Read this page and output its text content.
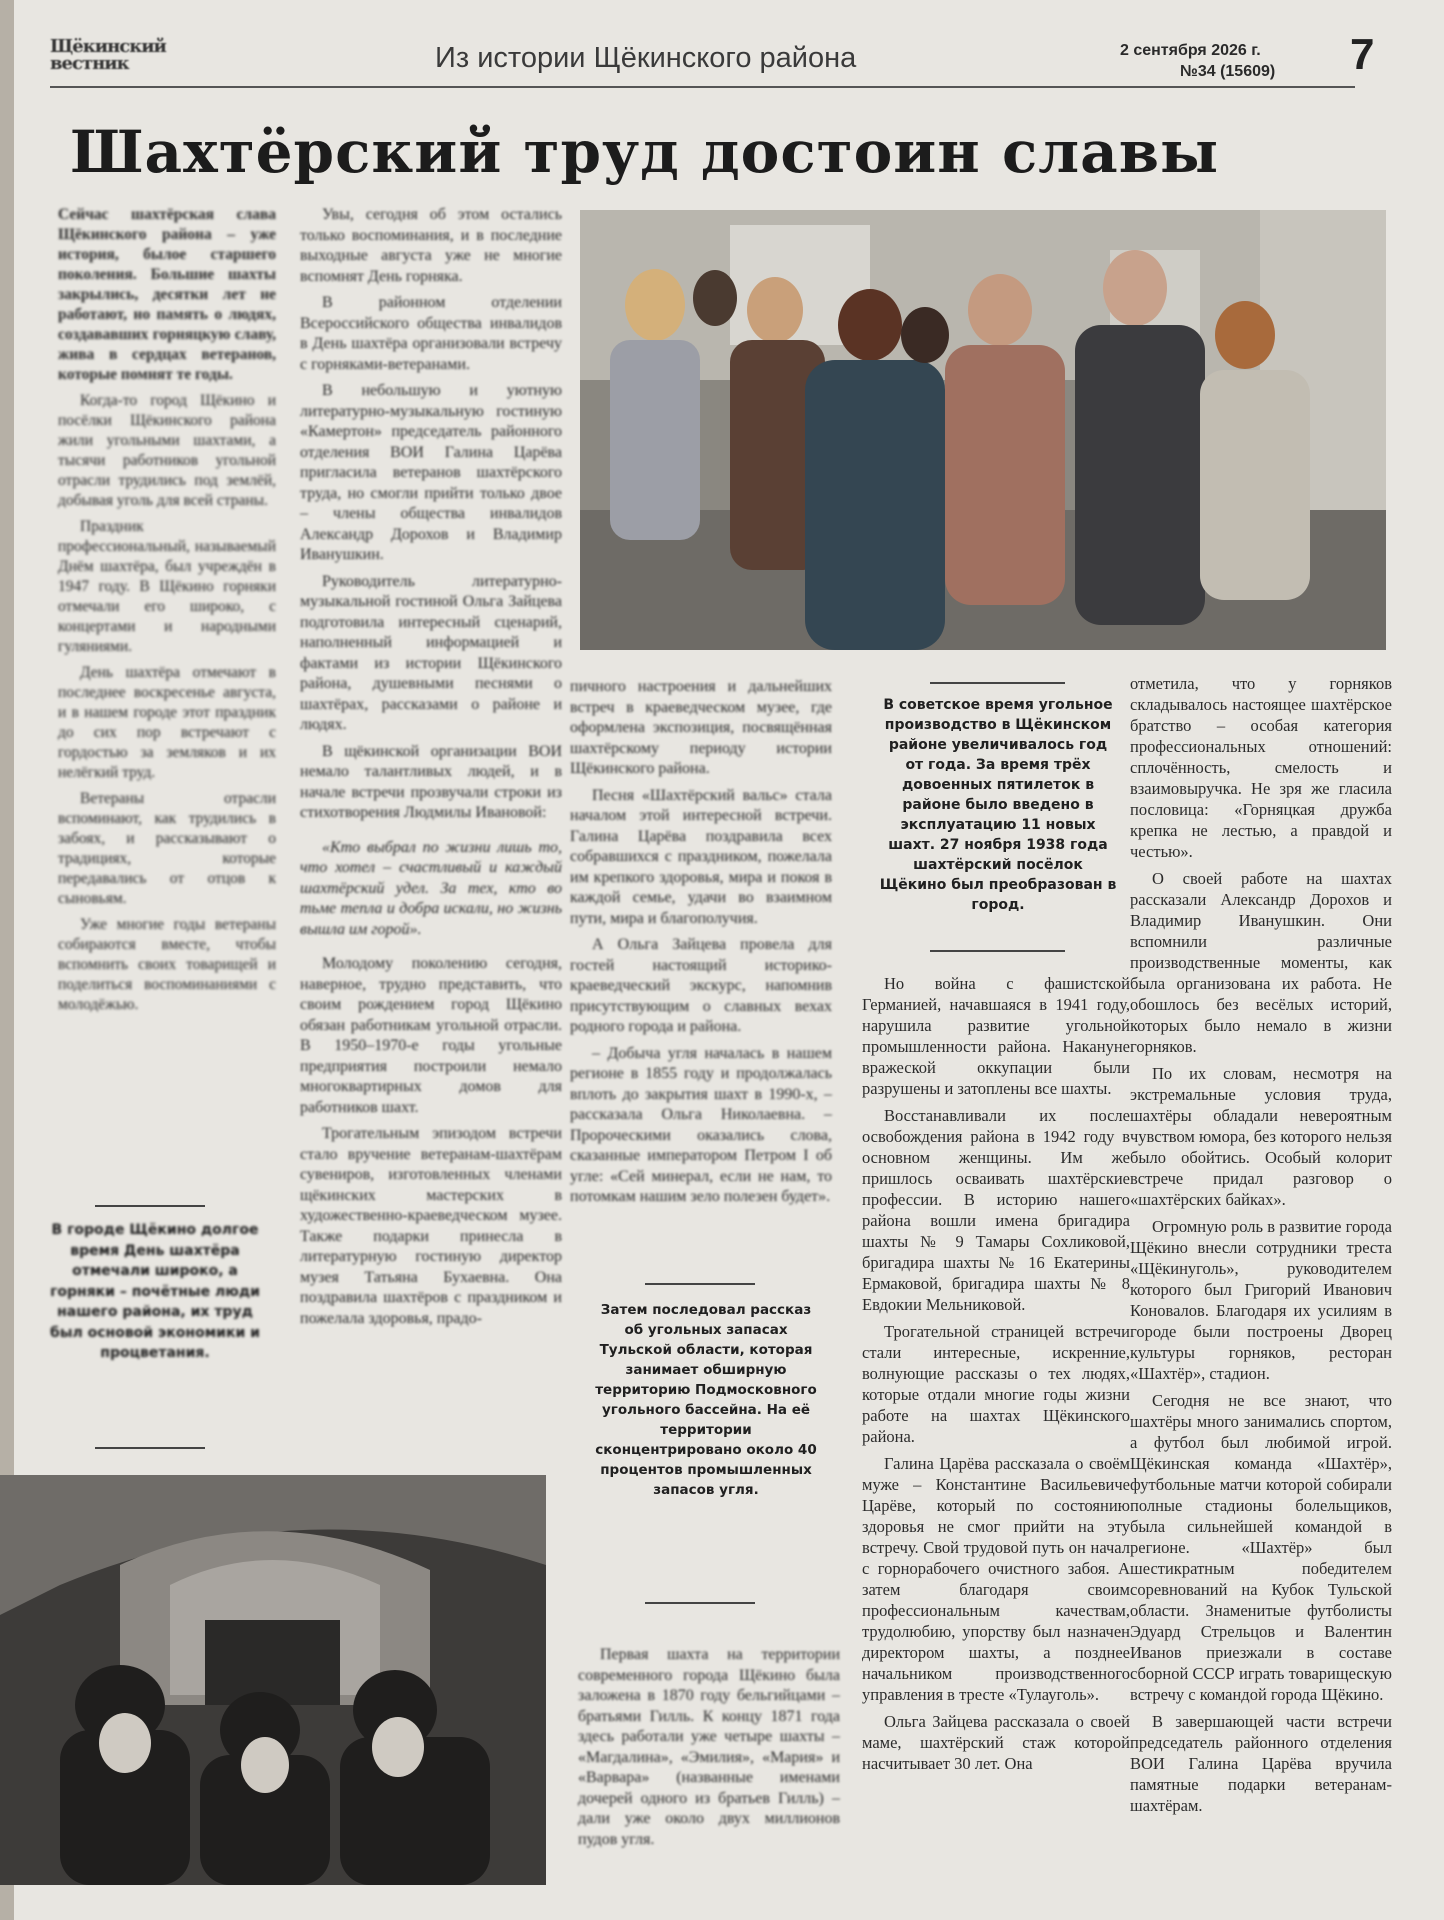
Щёкинский вестник	Из истории Щёкинского района	2 сентября 2026 г.
№34 (15609)	7
Шахтёрский труд достоин славы

Сейчас шахтёрская слава Щёкинского района – уже история, былое старшего поколения. Большие шахты закрылись, десятки лет не работают, но память о людях, создававших горняцкую славу, жива в сердцах ветеранов, которые помнят те годы.

Когда-то город Щёкино и посёлки Щёкинского района жили угольными шахтами, а тысячи работников угольной отрасли трудились под землёй, добывая уголь для всей страны.

Праздник профессиональный, называемый Днём шахтёра, был учреждён в 1947 году. В Щёкино горняки отмечали его широко, с концертами и народными гуляниями.

День шахтёра отмечают в последнее воскресенье августа, и в нашем городе этот праздник до сих пор встречают с гордостью за земляков и их нелёгкий труд.

Ветераны отрасли вспоминают, как трудились в забоях, и рассказывают о традициях, которые передавались от отцов к сыновьям.

Уже многие годы ветераны собираются вместе, чтобы вспомнить своих товарищей и поделиться воспоминаниями с молодёжью.

В городе Щёкино долгое время День шахтёра отмечали широко, а горняки – почётные люди нашего района, их труд был основой экономики и процветания.

Увы, сегодня об этом остались только воспоминания, и в последние выходные августа уже не многие вспомнят День горняка.

В районном отделении Всероссийского общества инвалидов в День шахтёра организовали встречу с горняками-ветеранами.

В небольшую и уютную литературно-музыкальную гостиную «Камертон» председатель районного отделения ВОИ Галина Царёва пригласила ветеранов шахтёрского труда, но смогли прийти только двое – члены общества инвалидов Александр Дорохов и Владимир Иванушкин.

Руководитель литературно-музыкальной гостиной Ольга Зайцева подготовила интересный сценарий, наполненный информацией и фактами из истории Щёкинского района, душевными песнями о шахтёрах, рассказами о районе и людях.

В щёкинской организации ВОИ немало талантливых людей, и в начале встречи прозвучали строки из стихотворения Людмилы Ивановой:

«Кто выбрал по жизни лишь то, что хотел – счастливый и каждый шахтёрский удел. За тех, кто во тьме тепла и добра искали, но жизнь вышла им горой».

Молодому поколению сегодня, наверное, трудно представить, что своим рождением город Щёкино обязан работникам угольной отрасли. В 1950–1970-е годы угольные предприятия построили немало многоквартирных домов для работников шахт.

Трогательным эпизодом встречи стало вручение ветеранам-шахтёрам сувениров, изготовленных членами щёкинских мастерских в художественно-краеведческом музее. Также подарки принесла в литературную гостиную директор музея Татьяна Бухаевна. Она поздравила шахтёров с праздником и пожелала здоровья, прадо-

пичного настроения и дальнейших встреч в краеведческом музее, где оформлена экспозиция, посвящённая шахтёрскому периоду истории Щёкинского района.

Песня «Шахтёрский вальс» стала началом этой интересной встречи. Галина Царёва поздравила всех собравшихся с праздником, пожелала им крепкого здоровья, мира и покоя в каждой семье, удачи во взаимном пути, мира и благополучия.

А Ольга Зайцева провела для гостей настоящий историко-краеведческий экскурс, напомнив присутствующим о славных вехах родного города и района.

– Добыча угля началась в нашем регионе в 1855 году и продолжалась вплоть до закрытия шахт в 1990-х, – рассказала Ольга Николаевна. – Пророческими оказались слова, сказанные императором Петром I об угле: «Сей минерал, если не нам, то потомкам нашим зело полезен будет».

Затем последовал рассказ об угольных запасах Тульской области, которая занимает обширную территорию Подмосковного угольного бассейна. На её территории сконцентрировано около 40 процентов промышленных запасов угля.

Первая шахта на территории современного города Щёкино была заложена в 1870 году бельгийцами – братьями Гилль. К концу 1871 года здесь работали уже четыре шахты – «Магдалина», «Эмилия», «Мария» и «Варвара» (названные именами дочерей одного из братьев Гилль) – дали уже около двух миллионов пудов угля.

В советское время угольное производство в Щёкинском районе увеличивалось год от года. За время трёх довоенных пятилеток в районе было введено в эксплуатацию 11 новых шахт. 27 ноября 1938 года шахтёрский посёлок Щёкино был преобразован в город.

Но война с фашистской Германией, начавшаяся в 1941 году, нарушила развитие угольной промышленности района. Накануне вражеской оккупации были разрушены и затоплены все шахты.

Восстанавливали их после освобождения района в 1942 году в основном женщины. Им же пришлось осваивать шахтёрские профессии. В историю нашего района вошли имена бригадира шахты № 9 Тамары Сохликовой, бригадира шахты № 16 Екатерины Ермаковой, бригадира шахты № 8 Евдокии Мельниковой.

Трогательной страницей встречи стали интересные, искренние, волнующие рассказы о тех людях, которые отдали многие годы жизни работе на шахтах Щёкинского района.

Галина Царёва рассказала о своём муже – Константине Васильевиче Царёве, который по состоянию здоровья не смог прийти на эту встречу. Свой трудовой путь он начал с горнорабочего очистного забоя. А затем благодаря своим профессиональным качествам, трудолюбию, упорству был назначен директором шахты, а позднее начальником производственного управления в тресте «Тулауголь».

Ольга Зайцева рассказала о своей маме, шахтёрский стаж которой насчитывает 30 лет. Она

отметила, что у горняков складывалось настоящее шахтёрское братство – особая категория профессиональных отношений: сплочённость, смелость и взаимовыручка. Не зря же гласила пословица: «Горняцкая дружба крепка не лестью, а правдой и честью».

О своей работе на шахтах рассказали Александр Дорохов и Владимир Иванушкин. Они вспомнили различные производственные моменты, как была организована их работа. Не обошлось без весёлых историй, которых было немало в жизни горняков.

По их словам, несмотря на экстремальные условия труда, шахтёры обладали невероятным чувством юмора, без которого нельзя было обойтись. Особый колорит встрече придал разговор о «шахтёрских байках».

Огромную роль в развитие города Щёкино внесли сотрудники треста «Щёкинуголь», руководителем которого был Григорий Иванович Коновалов. Благодаря их усилиям в городе были построены Дворец культуры горняков, ресторан «Шахтёр», стадион.

Сегодня не все знают, что шахтёры много занимались спортом, а футбол был любимой игрой. Щёкинская команда «Шахтёр», футбольные матчи которой собирали полные стадионы болельщиков, была сильнейшей командой в регионе. «Шахтёр» был шестикратным победителем соревнований на Кубок Тульской области. Знаменитые футболисты Эдуард Стрельцов и Валентин Иванов приезжали в составе сборной СССР играть товарищескую встречу с командой города Щёкино.

В завершающей части встречи председатель районного отделения ВОИ Галина Царёва вручила памятные подарки ветеранам-шахтёрам.
